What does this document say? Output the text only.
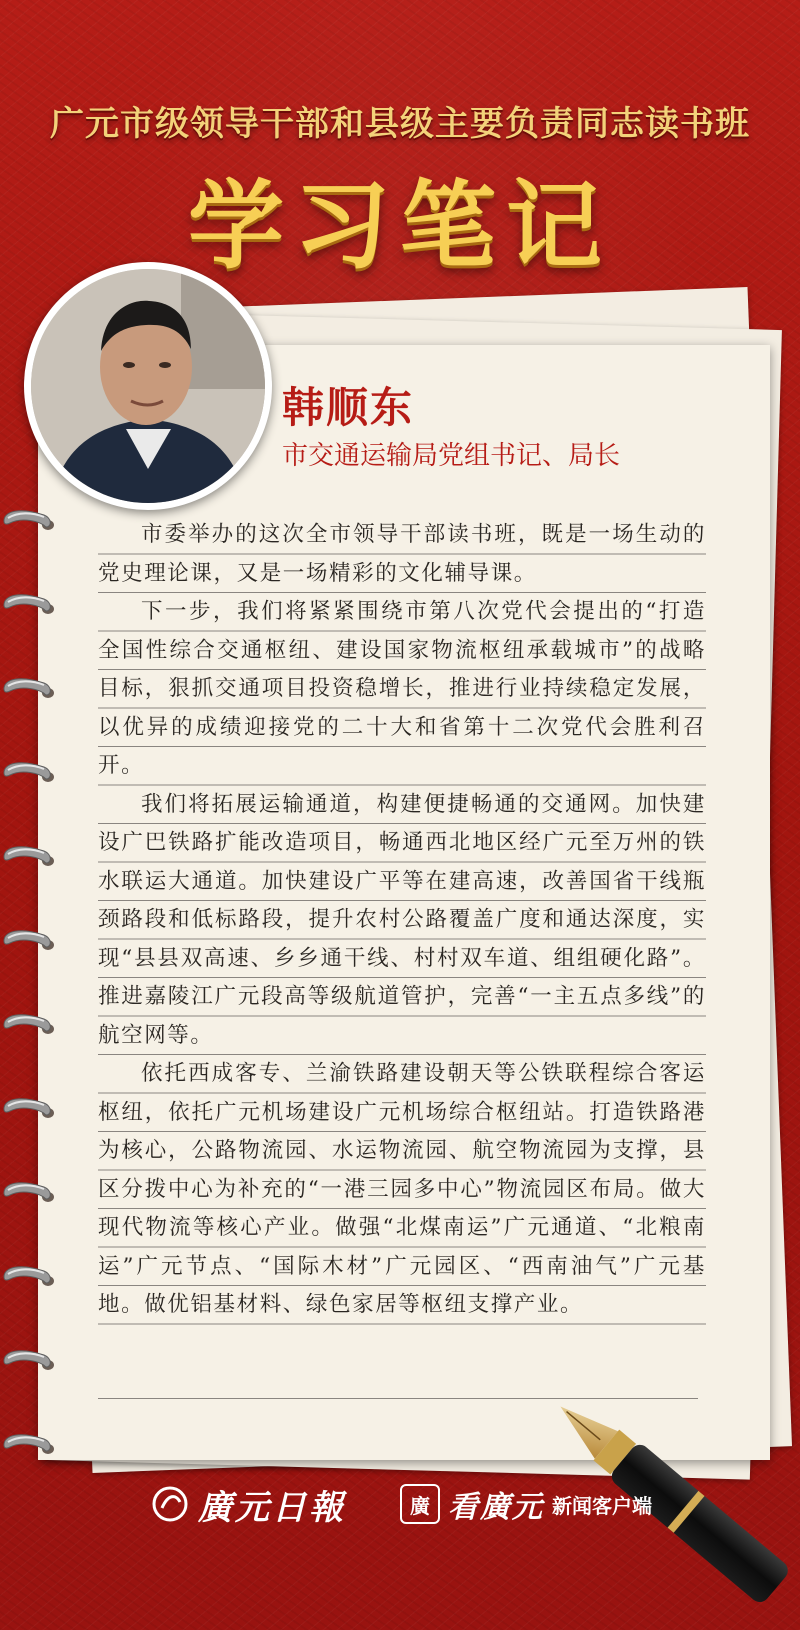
广元市级领导干部和县级主要负责同志读书班
学习笔记
韩顺东
市交通运输局党组书记、局长

市委举办的这次全市领导干部读书班，既是一场生动的党史理论课，又是一场精彩的文化辅导课。

下一步，我们将紧紧围绕市第八次党代会提出的“打造全国性综合交通枢纽、建设国家物流枢纽承载城市”的战略目标，狠抓交通项目投资稳增长，推进行业持续稳定发展，以优异的成绩迎接党的二十大和省第十二次党代会胜利召开。

我们将拓展运输通道，构建便捷畅通的交通网。加快建设广巴铁路扩能改造项目，畅通西北地区经广元至万州的铁水联运大通道。加快建设广平等在建高速，改善国省干线瓶颈路段和低标路段，提升农村公路覆盖广度和通达深度，实现“县县双高速、乡乡通干线、村村双车道、组组硬化路”。推进嘉陵江广元段高等级航道管护，完善“一主五点多线”的航空网等。

依托西成客专、兰渝铁路建设朝天等公铁联程综合客运枢纽，依托广元机场建设广元机场综合枢纽站。打造铁路港为核心，公路物流园、水运物流园、航空物流园为支撑，县区分拨中心为补充的“一港三园多中心”物流园区布局。做大现代物流等核心产业。做强“北煤南运”广元通道、“北粮南运”广元节点、“国际木材”广元园区、“西南油气”广元基地。做优铝基材料、绿色家居等枢纽支撑产业。

廣元日報	廣 看廣元 新闻客户端
